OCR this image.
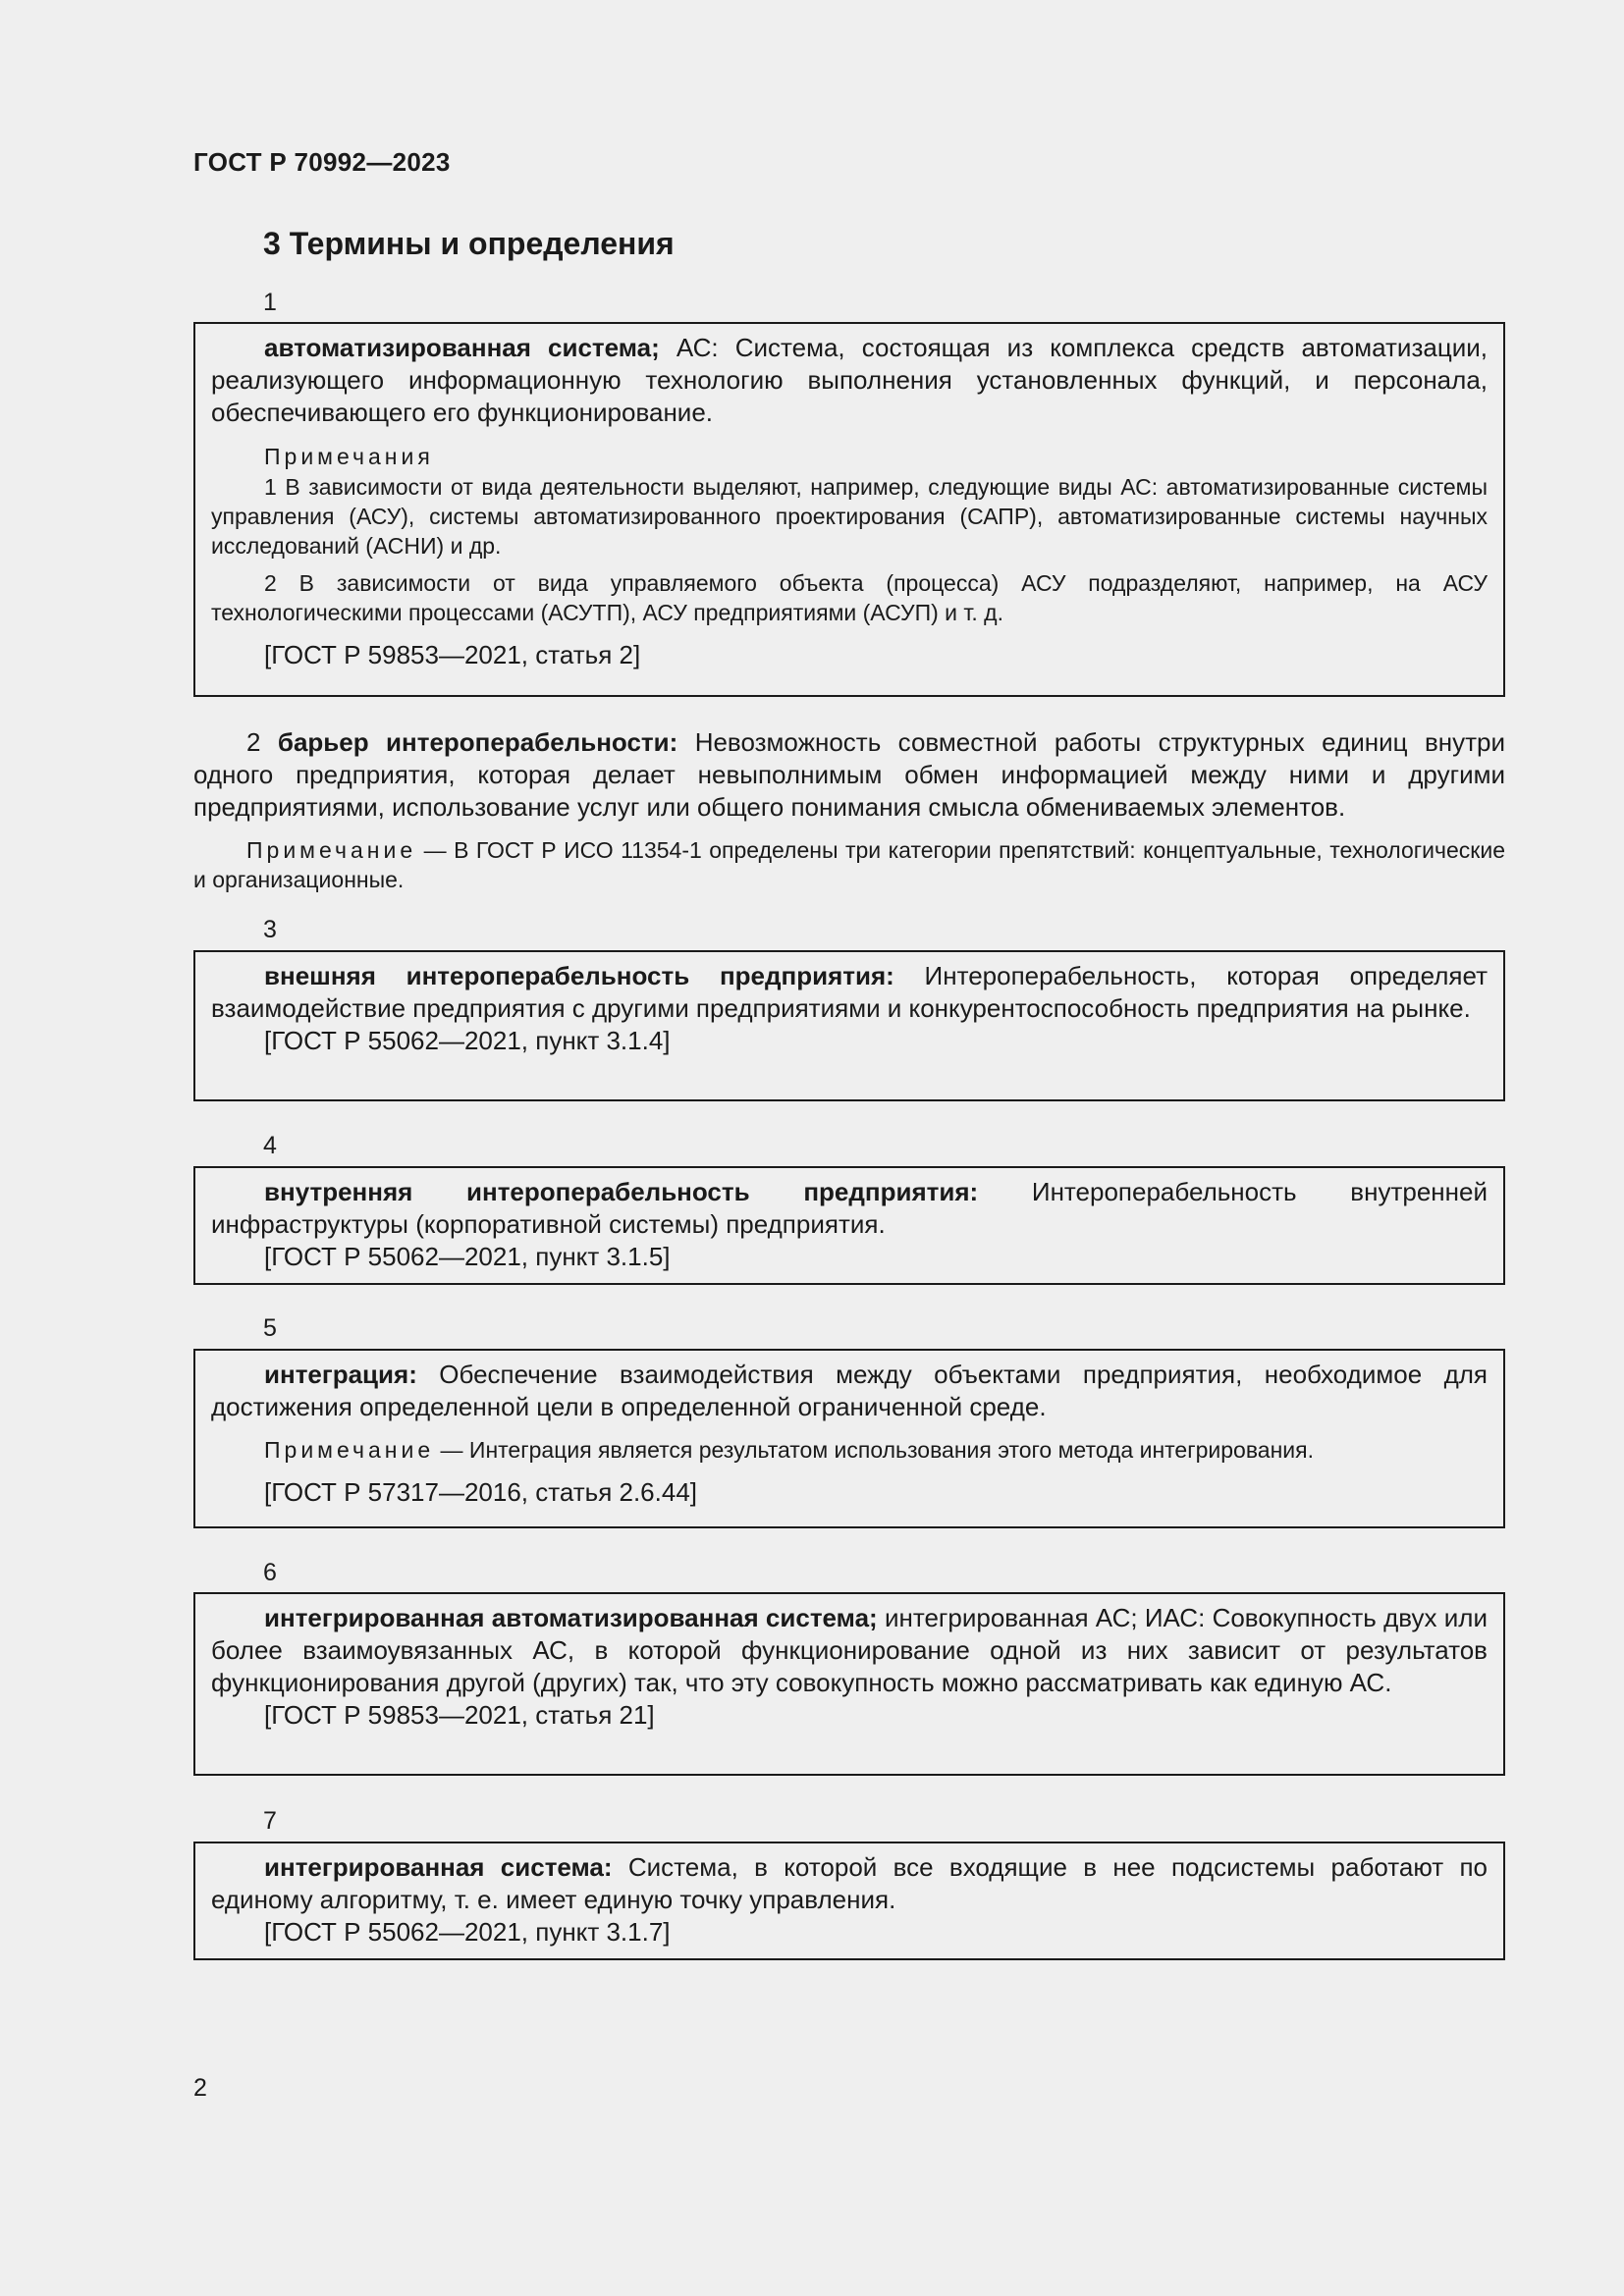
ГОСТ Р 70992—2023
3 Термины и определения
1

автоматизированная система; АС: Система, состоящая из комплекса средств автоматизации, реализующего информационную технологию выполнения установленных функций, и персонала, обеспечивающего его функционирование.

Примечания

1 В зависимости от вида деятельности выделяют, например, следующие виды АС: автоматизированные системы управления (АСУ), системы автоматизированного проектирования (САПР), автоматизированные системы научных исследований (АСНИ) и др.

2 В зависимости от вида управляемого объекта (процесса) АСУ подразделяют, например, на АСУ технологическими процессами (АСУТП), АСУ предприятиями (АСУП) и т. д.

[ГОСТ Р 59853—2021, статья 2]

2 барьер интероперабельности: Невозможность совместной работы структурных единиц внутри одного предприятия, которая делает невыполнимым обмен информацией между ними и другими предприятиями, использование услуг или общего понимания смысла обмениваемых элементов.

Примечание — В ГОСТ Р ИСО 11354-1 определены три категории препятствий: концептуальные, технологические и организационные.

3

внешняя интероперабельность предприятия: Интероперабельность, которая определяет взаимодействие предприятия с другими предприятиями и конкурентоспособность предприятия на рынке.

[ГОСТ Р 55062—2021, пункт 3.1.4]

4

внутренняя интероперабельность предприятия: Интероперабельность внутренней инфраструктуры (корпоративной системы) предприятия.

[ГОСТ Р 55062—2021, пункт 3.1.5]

5

интеграция: Обеспечение взаимодействия между объектами предприятия, необходимое для достижения определенной цели в определенной ограниченной среде.

Примечание — Интеграция является результатом использования этого метода интегрирования.

[ГОСТ Р 57317—2016, статья 2.6.44]

6

интегрированная автоматизированная система; интегрированная АС; ИАС: Совокупность двух или более взаимоувязанных АС, в которой функционирование одной из них зависит от результатов функционирования другой (других) так, что эту совокупность можно рассматривать как единую АС.

[ГОСТ Р 59853—2021, статья 21]

7

интегрированная система: Система, в которой все входящие в нее подсистемы работают по единому алгоритму, т. е. имеет единую точку управления.

[ГОСТ Р 55062—2021, пункт 3.1.7]

2
